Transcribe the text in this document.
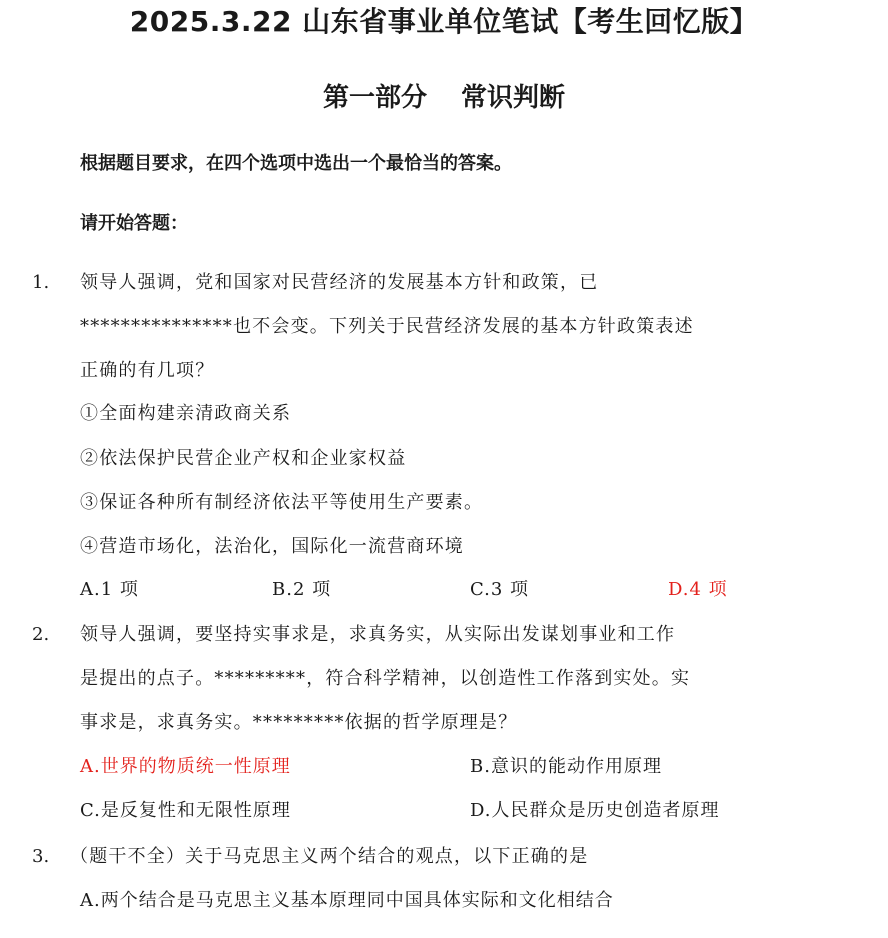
2025.3.22 山东省事业单位笔试【考生回忆版】
第一部分 常识判断
根据题目要求，在四个选项中选出一个最恰当的答案。
请开始答题：
1. 领导人强调，党和国家对民营经济的发展基本方针和政策，已
***************也不会变。下列关于民营经济发展的基本方针政策表述
正确的有几项？
①全面构建亲清政商关系
②依法保护民营企业产权和企业家权益
③保证各种所有制经济依法平等使用生产要素。
④营造市场化，法治化，国际化一流营商环境
A.1 项	B.2 项	C.3 项	D.4 项
2. 领导人强调，要坚持实事求是，求真务实，从实际出发谋划事业和工作
是提出的点子。*********，符合科学精神，以创造性工作落到实处。实
事求是，求真务实。*********依据的哲学原理是？
A.世界的物质统一性原理	B.意识的能动作用原理
C.是反复性和无限性原理	D.人民群众是历史创造者原理
3. （题干不全）关于马克思主义两个结合的观点，以下正确的是
A.两个结合是马克思主义基本原理同中国具体实际和文化相结合
